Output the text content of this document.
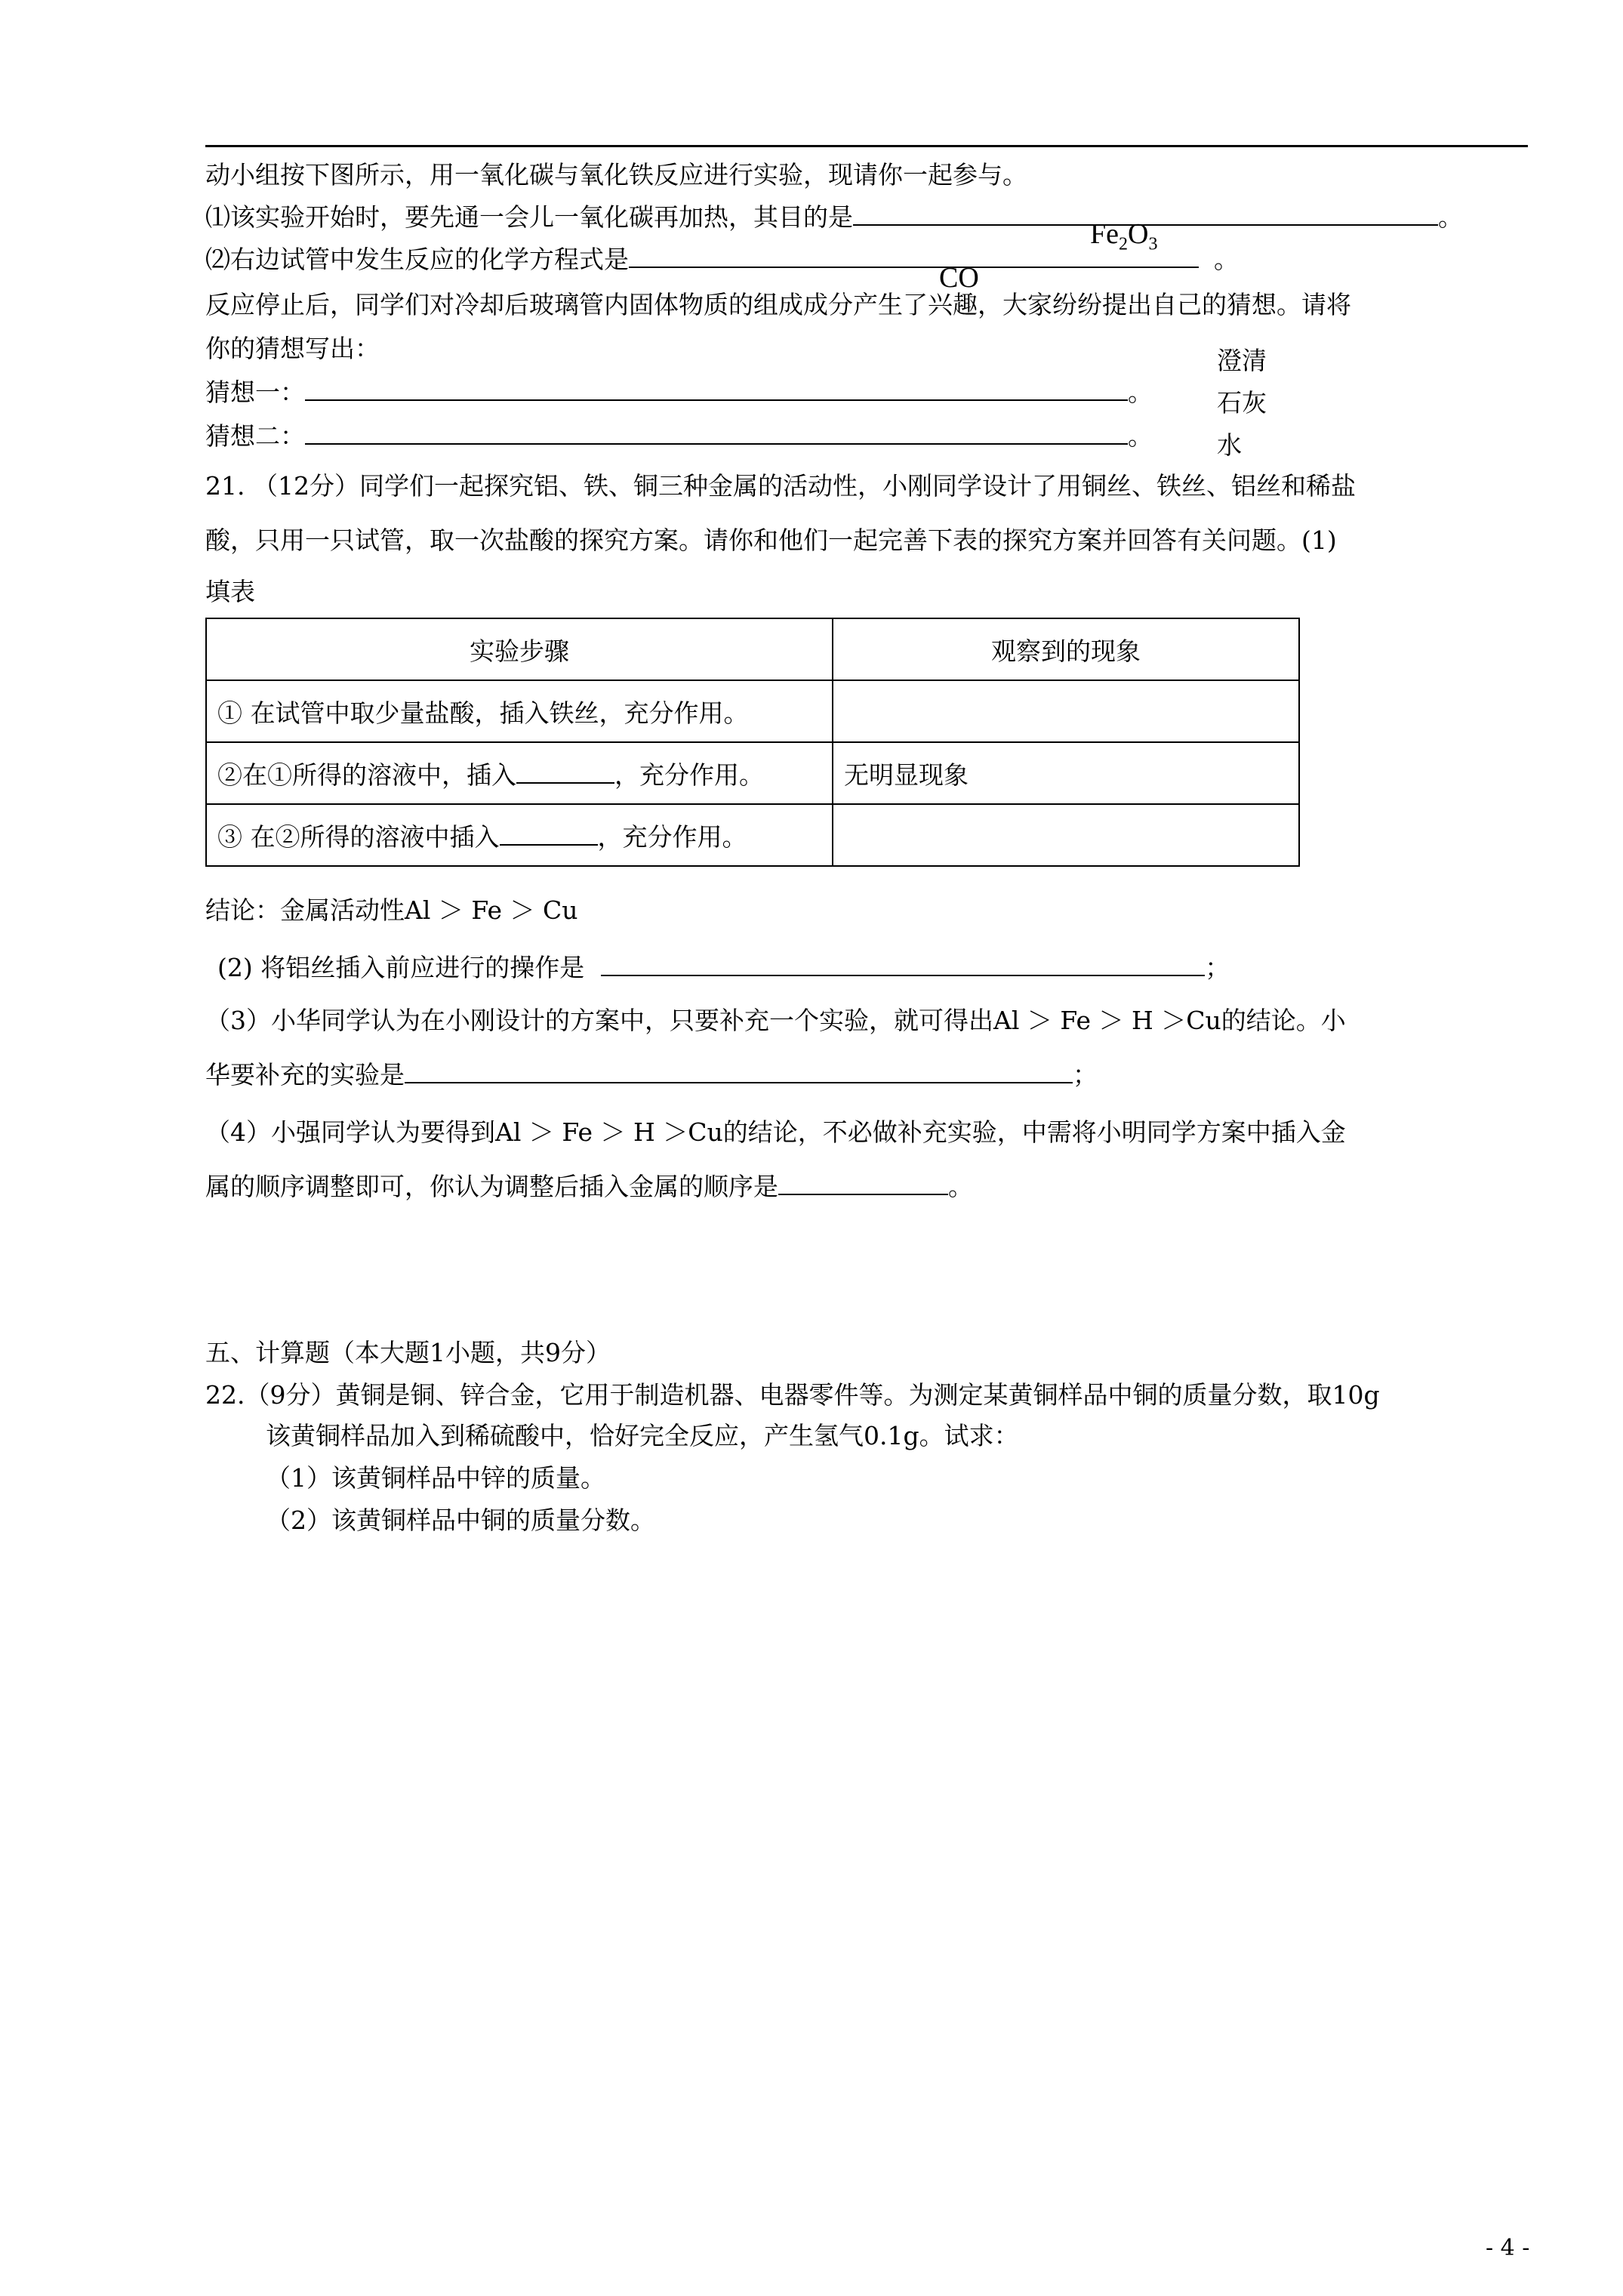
动小组按下图所示，用一氧化碳与氧化铁反应进行实验，现请你一起参与。
⑴该实验开始时，要先通一会儿一氧化碳再加热，其目的是	。
⑵右边试管中发生反应的化学方程式是	。
$Fe_2O_3$
CO
澄清
石灰
水
反应停止后，同学们对冷却后玻璃管内固体物质的组成成分产生了兴趣，大家纷纷提出自己的猜想。请将
你的猜想写出：
猜想一：	。
猜想二：	。
21. （12分）同学们一起探究铝、铁、铜三种金属的活动性，小刚同学设计了用铜丝、铁丝、铝丝和稀盐
酸，只用一只试管，取一次盐酸的探究方案。请你和他们一起完善下表的探究方案并回答有关问题。(1)
填表
实验步骤	观察到的现象
① 在试管中取少量盐酸，插入铁丝，充分作用。	
②在①所得的溶液中，插入 ，充分作用。	无明显现象
③ 在②所得的溶液中插入 ，充分作用。	
结论：金属活动性Al ＞ Fe ＞ Cu
(2) 将铝丝插入前应进行的操作是	；
（3）小华同学认为在小刚设计的方案中，只要补充一个实验，就可得出Al ＞ Fe ＞ H ＞Cu的结论。小
华要补充的实验是	；
（4）小强同学认为要得到Al ＞ Fe ＞ H ＞Cu的结论，不必做补充实验，中需将小明同学方案中插入金
属的顺序调整即可，你认为调整后插入金属的顺序是	。
五、计算题（本大题1小题，共9分）
22.（9分）黄铜是铜、锌合金，它用于制造机器、电器零件等。为测定某黄铜样品中铜的质量分数，取10g
该黄铜样品加入到稀硫酸中，恰好完全反应，产生氢气0.1g。试求：
（1）该黄铜样品中锌的质量。
（2）该黄铜样品中铜的质量分数。
- 4 -
